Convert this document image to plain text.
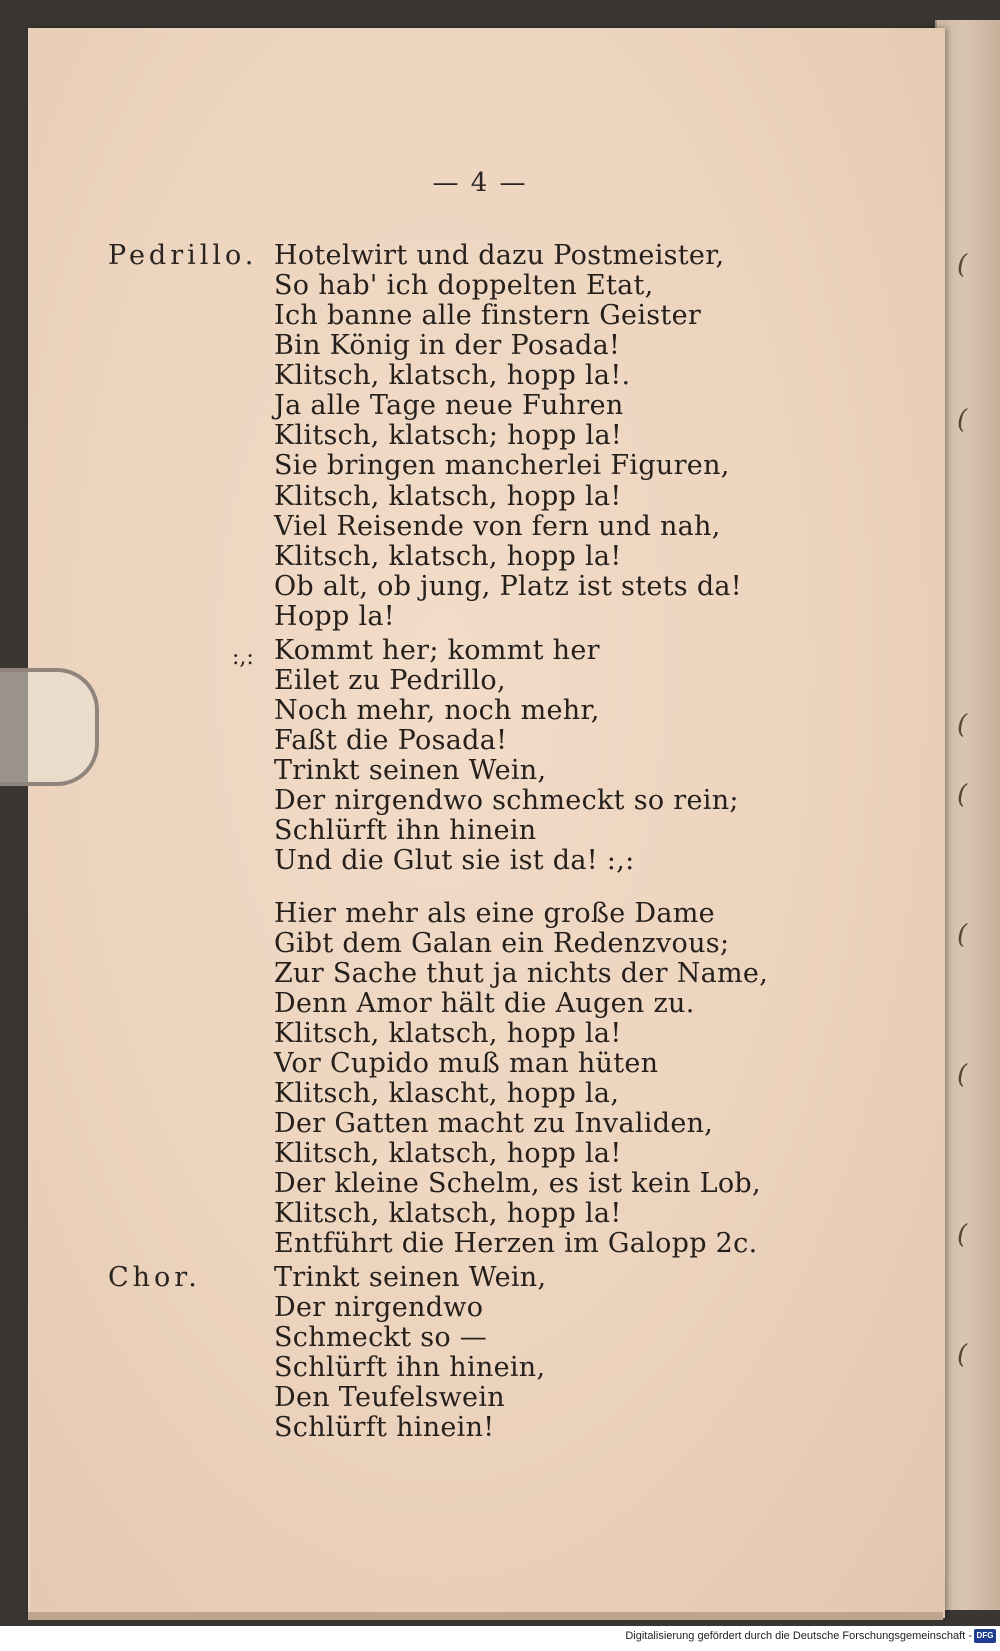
(
(
(
(
(
(
(
(
— 4 —
Pedrillo.
Chor.
:,:
Hotelwirt und dazu Postmeister,
So hab' ich doppelten Etat,
Ich banne alle finstern Geister
Bin König in der Posada!
Klitsch, klatsch, hopp la!.
Ja alle Tage neue Fuhren
Klitsch, klatsch; hopp la!
Sie bringen mancherlei Figuren,
Klitsch, klatsch, hopp la!
Viel Reisende von fern und nah,
Klitsch, klatsch, hopp la!
Ob alt, ob jung, Platz ist stets da!
Hopp la!
Kommt her; kommt her
Eilet zu Pedrillo,
Noch mehr, noch mehr,
Faßt die Posada!
Trinkt seinen Wein,
Der nirgendwo schmeckt so rein;
Schlürft ihn hinein
Und die Glut sie ist da! :,:
Hier mehr als eine große Dame
Gibt dem Galan ein Redenzvous;
Zur Sache thut ja nichts der Name,
Denn Amor hält die Augen zu.
Klitsch, klatsch, hopp la!
Vor Cupido muß man hüten
Klitsch, klascht, hopp la,
Der Gatten macht zu Invaliden,
Klitsch, klatsch, hopp la!
Der kleine Schelm, es ist kein Lob,
Klitsch, klatsch, hopp la!
Entführt die Herzen im Galopp 2c.
Trinkt seinen Wein,
Der nirgendwo
Schmeckt so —
Schlürft ihn hinein,
Den Teufelswein
Schlürft hinein!
Digitalisierung gefördert durch die Deutsche Forschungsgemeinschaft - DFG
